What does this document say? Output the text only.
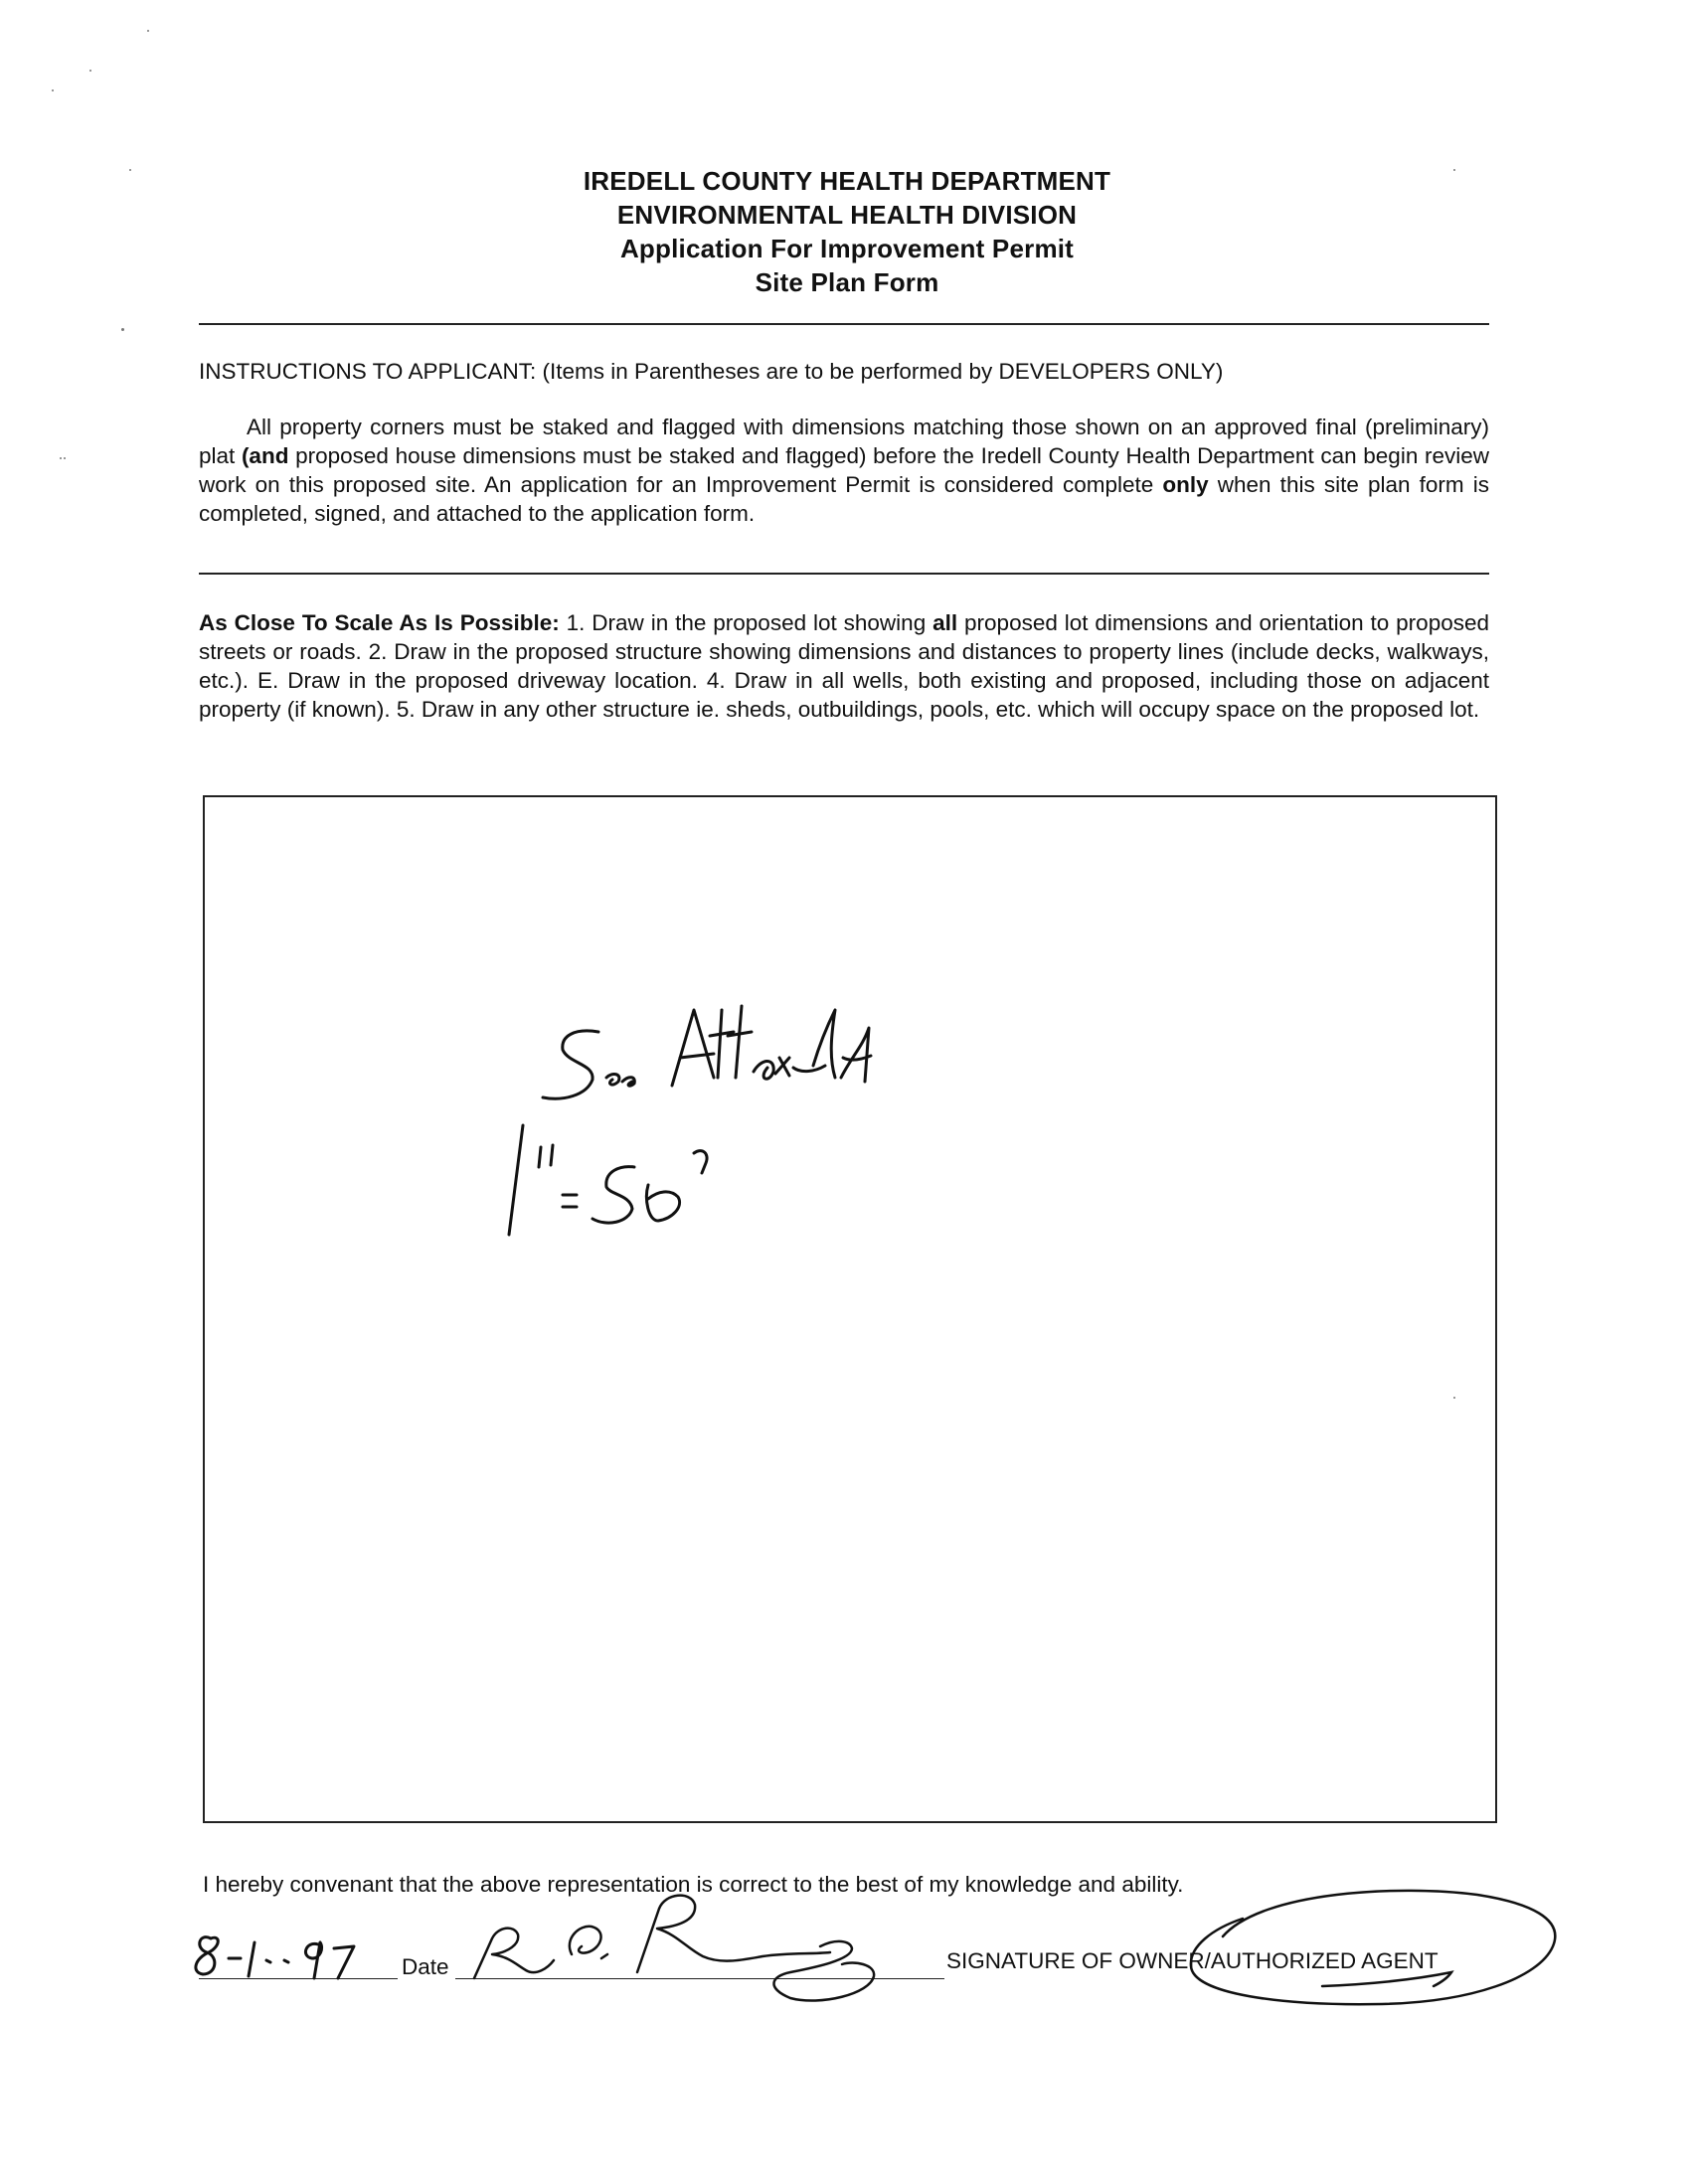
IREDELL COUNTY HEALTH DEPARTMENT
ENVIRONMENTAL HEALTH DIVISION
Application For Improvement Permit
Site Plan Form
INSTRUCTIONS TO APPLICANT: (Items in Parentheses are to be performed by DEVELOPERS ONLY)
All property corners must be staked and flagged with dimensions matching those shown on an approved final (preliminary) plat (and proposed house dimensions must be staked and flagged) before the Iredell County Health Department can begin review work on this proposed site. An application for an Improvement Permit is considered complete only when this site plan form is completed, signed, and attached to the application form.
As Close To Scale As Is Possible: 1. Draw in the proposed lot showing all proposed lot dimensions and orientation to proposed streets or roads. 2. Draw in the proposed structure showing dimensions and distances to property lines (include decks, walkways, etc.). E. Draw in the proposed driveway location. 4. Draw in all wells, both existing and proposed, including those on adjacent property (if known). 5. Draw in any other structure ie. sheds, outbuildings, pools, etc. which will occupy space on the proposed lot.
I hereby convenant that the above representation is correct to the best of my knowledge and ability.
Date	SIGNATURE OF OWNER/AUTHORIZED AGENT
